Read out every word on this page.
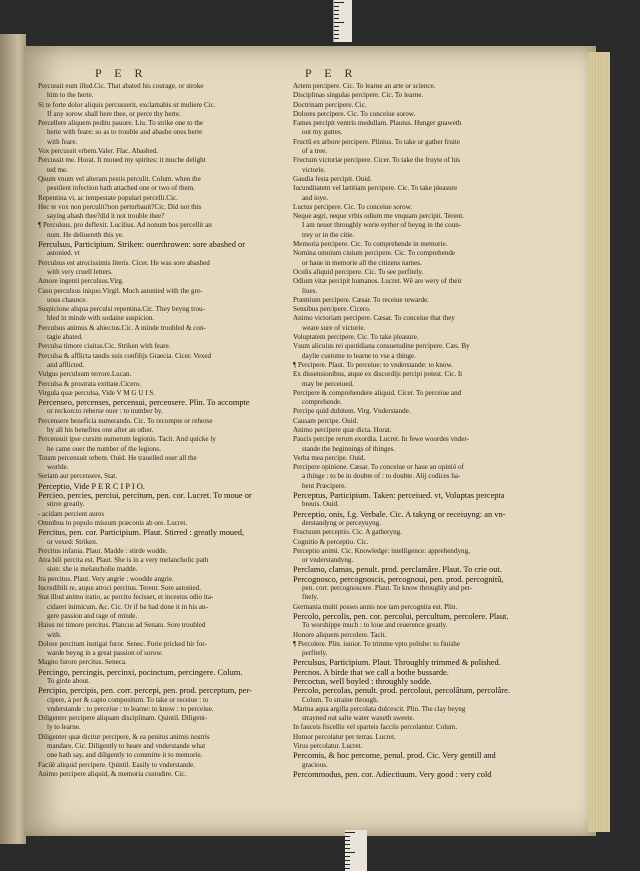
P E R	P E R
Percussit eum illud.Cic. That abated his courage, or stroke
him to the herte.
Si te forte dolor aliquis percusserit, exclamabis ut muliere Cic.
If any sorow shall here thee, or perce thy herte.
Percellere aliquem peditu pauore. Liu. To strike one to the
herte with feare: so as to trouble and abashe ones herte
with feare.
Vox percussit vrbem.Valer. Flac. Abashed.
Percussit me. Horat. It moued my spirites: it muche delight
ted me.
Quum vnum vel alteram pestis perculit. Colum. when the
pestilent infection hath attached one or two of them.
Repentina vi, ac tempestate populari percelli.Cic.
Hec te vox non perculit?non perturbauit?Cic. Did not this
saying abash thee?did it not trouble thee?
¶ Perculsus, pro deflexit. Lucilius. Ad nonum bos percellit an
num. He deliuereth this ye.
Perculsus, Participium. Striken: ouerthrowen: sore abashed or
astonied. vt
Perculsus est atrocissimis literis. Cicer. He was sore abashed
with very cruell letters.
Amore ingenti perculsus.Virg.
Casu perculsus iniquo.Virgil. Much astonied with the gre-
uous chaunce.
Suspicione aliqua perculsi repentina.Cic. They beyng trou-
bled in minde with sodaine suspicion.
Perculsus animus & abiectus.Cic. A minde troubled & con-
tagie abated.
Perculsa timore ciuitas.Cic. Striken with feare.
Perculsa & afflicta tandis suis confilijs Graecia. Cicer. Vexed
and afflicted.
Vulgus perculsum terrore.Lucan.
Perculsa & prostrata extitate.Cicero.
Virgula quæ perculsa, Vide V M G U I S.
Percenseo, percenses, percensui, percensere. Plin. To accompte
or reckon:to reherse ouer : to number by.
Percensere beneficia numerando. Cic. To recompte or reherse
by all his benefites one after an other.
Percensuit ipse cursim numerum legionis. Tacit. And quicke ly
he came ouer the number of the legions.
Totam percensuit orbem. Ouid. He trauelled ouer all the
worlde.
Seriam aut percensere, Stat.
Perceptio, Vide P E R C I P I O.
Percieo, percies, perciui, percitum, pen. cor. Lucret. To moue or
stirre greatly.
- acidam percient aures
Omnibus in populo missum præconis ab ore. Lucret.
Percitus, pen. cor. Participium. Plaut. Stirred : greatly moued,
or vexed: Striken.
Percitus infania. Plaut. Madde : stirde wodde.
Atra bili percita est. Plaut. She is in a very melancholic path
sion: she is melancholie madde.
Ira percitus. Plaut. Very angrie : woodde angrie.
Incredibili re, atque atroci percitus. Terent. Sore astonied.
Stat illud animo iratio, ac percito fecisset, et incestus odio ita-
cidaret inimicum, &c. Cic. Or if he had done it in his an-
gere passion and rage of minde.
Haius rei timore percitus. Plancus ad Senatu. Sore troubled
with.
Dolore percitum instigat furor. Senec. Furie pricked hir for-
warde beyng in a great passion of sorow.
Magno furore percitus. Seneca.
Percingo, percingis, percinxi, pocinctum, percingere. Colum.
To girde about.
Percipio, percipis, pen. corr. percepi, pen. prod. perceptum, per-
cipere, à per & capio compositum. To take or receiue : to
vnderstande : to perceiue : to learne: to know : to perceiue.
Diligenter percipere aliquam disciplinam. Quintil. Diligent-
ly to learne.
Diligenter quæ dicitur percipere, & ea penitus animis nostris
mandare. Cic. Diligently to heare and vnderstande what
one hath say, and diligently to committe it to memorie.
Facilè aliquid percipere. Quintil. Easily to vnderstande.
Animo percipere aliquid, & memoria custodire. Cic.
Artem percipere. Cic. To learne an arte or science.
Disciplinas singulas percipere. Cic. To learne.
Doctrinam percipere. Cic.
Dolores percipere. Cic. To conceiue sorow.
Fames percipit ventris medullam. Plautus. Hunger gnaweth
out my guttes.
Fructû ex arbore percipere. Plinius. To take or gather fruite
of a tree.
Fructum victoriæ percipere. Cicer. To take the fruyte of his
victorie.
Gaudia festa percipit. Ouid.
Iucunditatem vel lætitiam percipere. Cic. To take pleasure
and ioye.
Luctus percipere. Cic. To conceiue sorow.
Neque ægri, neque vrbis odium me vnquam percipit. Terent.
I am neuer throughly werie eyther of beyng in the coun-
trey or in the citie.
Memoria percipere. Cic. To comprehende in memorie.
Nomina omnium ciuium percipere. Cic. To comprehende
or haue in memorie all the citizens names.
Oculis aliquid percipere. Cic. To see perfitely.
Odium vitæ percipit humanos. Lucret. Wê are wery of their
liues.
Præmium percipere. Cæsar. To receiue rewarde.
Sensibus percipere. Cicero.
Animo victoriam percipere. Cæsar. To conceiue that they
weare sure of victorie.
Voluptatem percipere. Cic. To take pleasure.
Vsum alicuius rei quotidiana consuetudine percipere. Cæs. By
daylie custome to learne to vse a thinge.
¶ Percipere. Plaut. To perceiue: to vnderstande: to know.
Ex dissensionibus, atque ex discordijs percipi potest. Cic. It
may be perceiued.
Percipere & comprehendere aliquid. Cicer. To perceiue and
comprehende.
Percipe quid dubitem. Virg. Vnderstande.
Causam percipe. Ouid.
Animo percipere quæ dicta. Horat.
Paucis percipe rerum exordia. Lucret. In fewe woordes vnder-
stande the beginnings of thinges.
Verba mea percipe. Ouid.
Percipere opinione. Cæsar. To conceiue or haue an opinió of
a thinge : to be in doubte of : to doubte. Alij codices ha-
bent Præcipere.
Perceptus, Participium. Taken: perceiued. vt, Voluptas percepta
breuis. Ouid.
Perceptio, onis, f.g. Verbale. Cic. A takyng or receiuyng: an vn-
derstandyng or perceyuyng.
Fructuum perceptio. Cic. A gatheryng.
Cognitio & perceptio. Cic.
Perceptio animi. Cic. Knowledge: intelligence: apprehendyng,
or vnderstandyng.
Perclamo, clamas, penult. prod. perclamâre. Plaut. To crie out.
Percognosco, percognoscis, percognoui, pen. prod. percognitû,
pen. corr. percognoscere. Plaut. To know throughly and per-
fitely.
Germania multi posses annis noe tam percognita est. Plin.
Percolo, percolis, pen. cor. percolui, percultum, percolere. Plaut.
To worshippe much : to loue and reuerence greatly.
Honore aliquem percolere. Tacit.
¶ Percolere. Plin. iunior. To trimme vpto polishe: to finishe
perfitely.
Perculsus, Participium. Plaut. Throughly trimmed & polished.
Percnos. A birde that we call a bothe bussarde.
Percoctus, well boyled : throughly sodde.
Percolo, percolas, penult. prod. percolaui, percolâtum, percolâre.
Colum. To straine through.
Marina aqua argilla percolata dulcescit. Plin. The clay beyng
strayned out salte water waxeth sweete.
In fauceis fiscellis vel sparteis facciis percolantur. Colum.
Humor percolatur per terras. Lucret.
Virus percolatur. Lucret.
Percomis, & hoc percome, penul. prod. Cic. Very gentill and
gracious.
Percommodus, pen. cor. Adiectiuum. Very good : very cold
